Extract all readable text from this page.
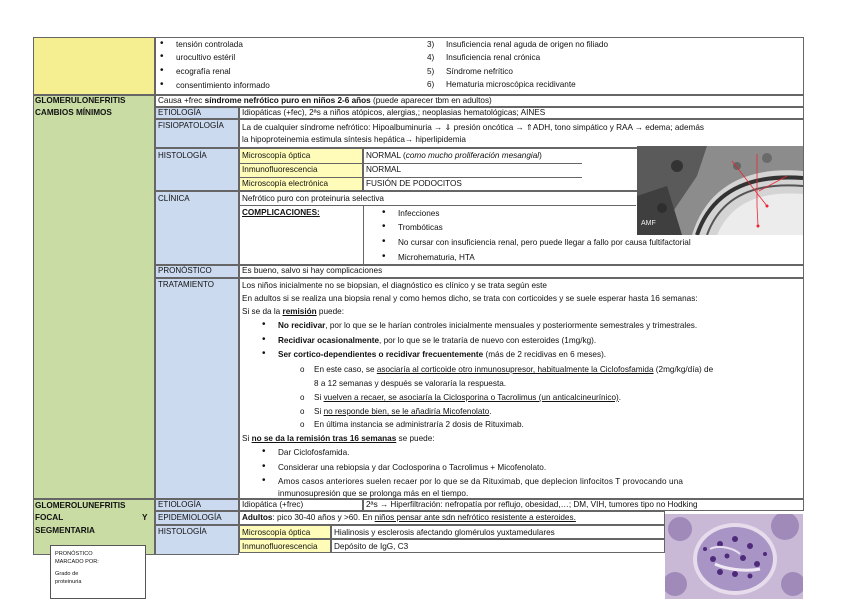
• tensión controlada
• urocultivo estéril
• ecografía renal
• consentimiento informado
3) Insuficiencia renal aguda de origen no filiado
4) Insuficiencia renal crónica
5) Síndrome nefrítico
6) Hematuria microscópica recidivante
GLOMERULONEFRITIS
CAMBIOS MÍNIMOS
Causa +frec síndrome nefrótico puro en niños 2-6 años (puede aparecer tbm en adultos)
ETIOLOGÍA	Idiopáticas (+fec), 2ªs a niños atópicos, alergias,; neoplasias hematológicas; AINES
FISIOPATOLOGÍA La de cualquier síndrome nefrótico: Hipoalbuminuria → ⇓ presión oncótica → ⇑ADH, tono simpático y RAA → edema; además
la hipoproteinemia estimula síntesis hepática→ hiperlipidemia
HISTOLOGÍA	Microscopía óptica
Inmunofluorescencia
Microscopía electrónica
NORMAL (como mucho proliferación mesangial)
NORMAL
FUSIÓN DE PODOCITOS
CLÍNICA	Nefrótico puro con proteinuria selectiva
COMPLICACIONES:
•	Infecciones
• Trombóticas
• No cursar con insuficiencia renal, pero puede llegar a fallo por causa fultifactorial
• Microhematuria, HTA
PRONÓSTICO	Es bueno, salvo si hay complicaciones
TRATAMIENTO	Los niños inicialmente no se biopsian, el diagnóstico es clínico y se trata según este
En adultos si se realiza una biopsia renal y como hemos dicho, se trata con corticoides y se suele esperar hasta 16 semanas:
Si se da la remisión puede:
• No recidivar, por lo que se le harían controles inicialmente mensuales y posteriormente semestrales y trimestrales.
• Recidivar ocasionalmente, por lo que se le trataría de nuevo con esteroides (1mg/kg).
• Ser cortico-dependientes o recidivar frecuentemente (más de 2 recidivas en 6 meses).
o En este caso, se asociaría al corticoide otro inmunosupresor, habitualmente la Ciclofosfamida (2mg/kg/día) de
8 a 12 semanas y después se valoraría la respuesta.
o Si vuelven a recaer, se asociaría la Ciclosporina o Tacrolimus (un anticalcineurínico).
o Si no responde bien, se le añadiría Micofenolato.
o En última instancia se administraría 2 dosis de Rituximab.
Si no se da la remisión tras 16 semanas se puede:
• Dar Ciclofosfamida.
• Considerar una rebiopsia y dar Coclosporina o Tacrolimus + Micofenolato.
• Amos casos anteriores suelen recaer por lo que se da Rituximab, que deplecion linfocitos T provocando una
inmunosupresión que se prolonga más en el tiempo.
GLOMEROLUNEFRITIS
FOCAL	Y
SEGMENTARIA
ETIOLOGÍA	Idiopática (+frec)	2ªs → Hiperfiltración: nefropatía por reflujo, obesidad,…; DM, VIH, tumores tipo no Hodking
EPIDEMIOLOGÍA Adultos: pico 30-40 años y >60. En niños pensar ante sdn nefrótico resistente a esteroides.
HISTOLOGÍA	Microscopía óptica
Inmunofluorescencia
Hialinosis y esclerosis afectando glomérulos yuxtamedulares
Depósito de IgG, C3
PRONÓSTICO
MARCADO POR:
Grado de
proteinuria
AMF
